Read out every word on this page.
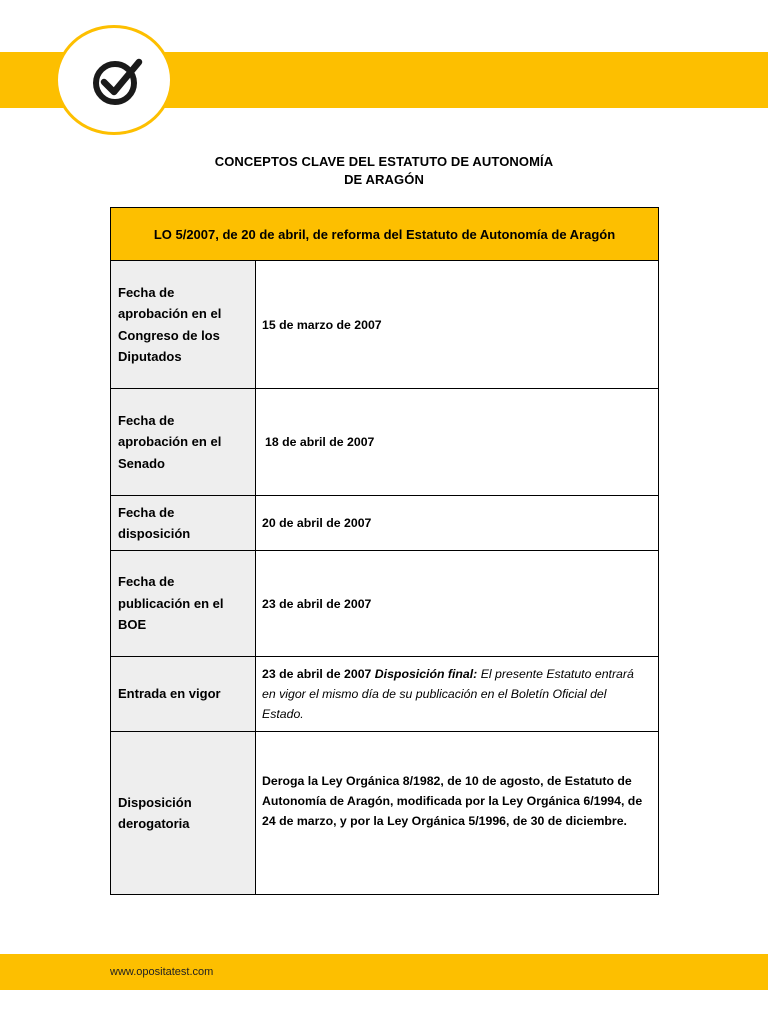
CONCEPTOS CLAVE DEL ESTATUTO DE AUTONOMÍA
DE ARAGÓN
LO 5/2007, de 20 de abril, de reforma del Estatuto de Autonomía de Aragón	
Fecha de aprobación en el Congreso de los Diputados	15 de marzo de 2007
Fecha de aprobación en el Senado	18 de abril de 2007
Fecha de disposición	20 de abril de 2007
Fecha de publicación en el BOE	23 de abril de 2007
Entrada en vigor	23 de abril de 2007 Disposición final: El presente Estatuto entrará en vigor el mismo día de su publicación en el Boletín Oficial del Estado.
Disposición derogatoria	Deroga la Ley Orgánica 8/1982, de 10 de agosto, de Estatuto de Autonomía de Aragón, modificada por la Ley Orgánica 6/1994, de 24 de marzo, y por la Ley Orgánica 5/1996, de 30 de diciembre.
www.opositatest.com
